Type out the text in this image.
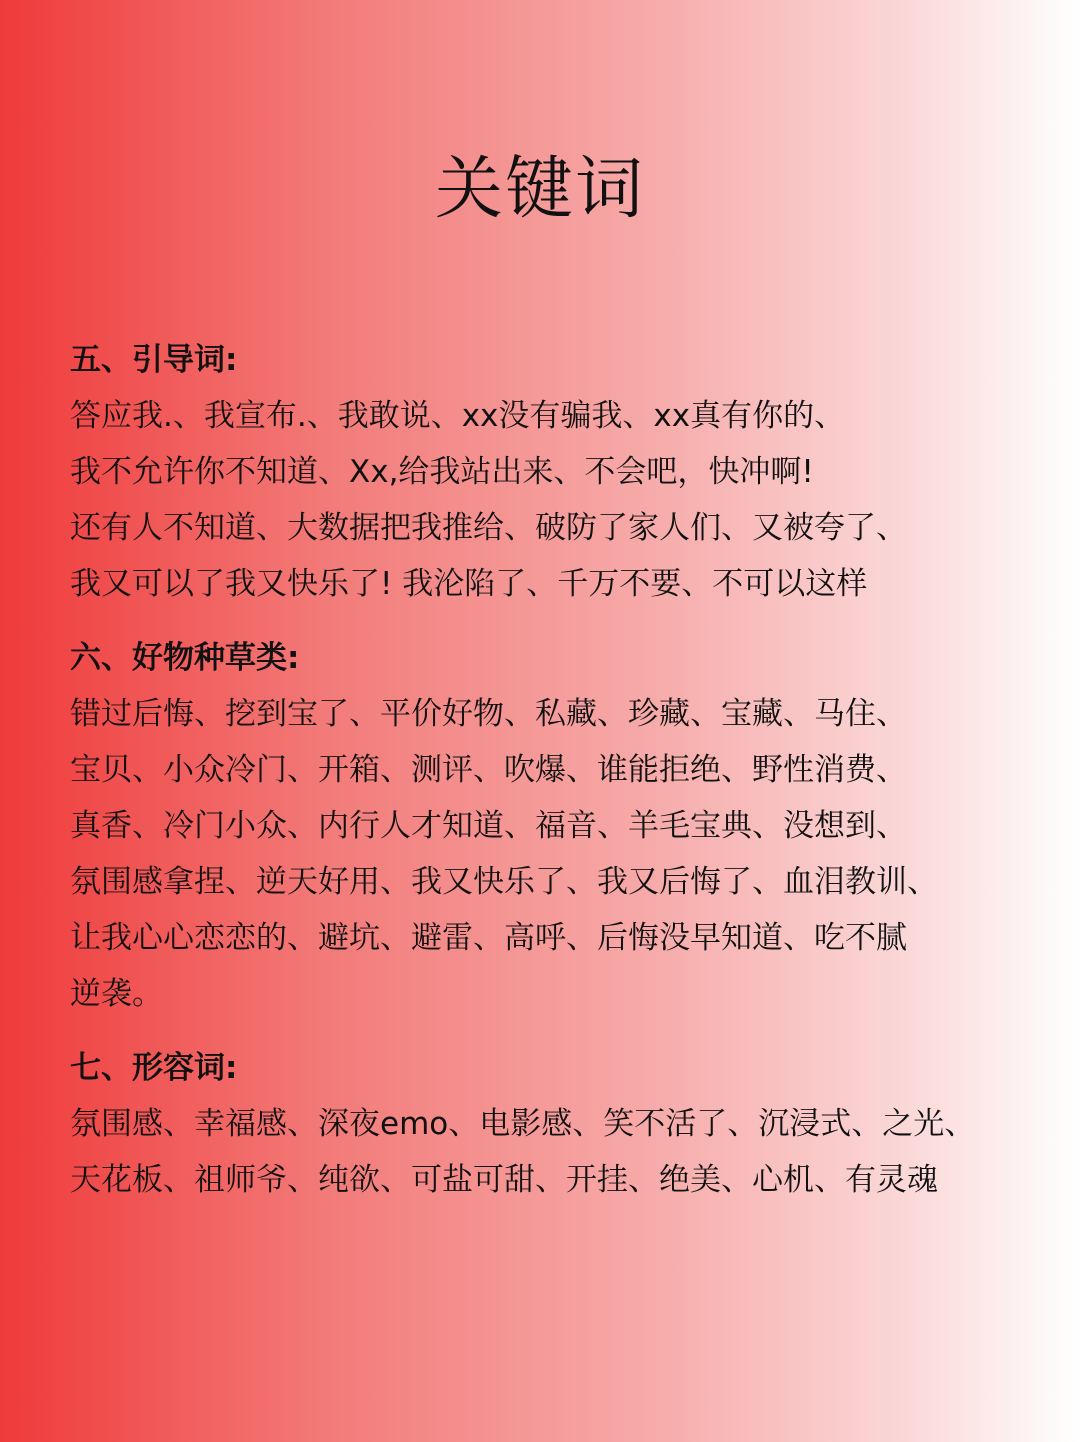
关键词

五、引导词:

答应我.、我宣布.、我敢说、xx没有骗我、xx真有你的、

我不允许你不知道、Xx,给我站出来、不会吧，快冲啊!

还有人不知道、大数据把我推给、破防了家人们、又被夸了、

我又可以了我又快乐了! 我沦陷了、千万不要、不可以这样

六、好物种草类:

错过后悔、挖到宝了、平价好物、私藏、珍藏、宝藏、马住、

宝贝、小众冷门、开箱、测评、吹爆、谁能拒绝、野性消费、

真香、冷门小众、内行人才知道、福音、羊毛宝典、没想到、

氛围感拿捏、逆天好用、我又快乐了、我又后悔了、血泪教训、

让我心心恋恋的、避坑、避雷、高呼、后悔没早知道、吃不腻

逆袭。

七、形容词:

氛围感、幸福感、深夜emo、电影感、笑不活了、沉浸式、之光、

天花板、祖师爷、纯欲、可盐可甜、开挂、绝美、心机、有灵魂
